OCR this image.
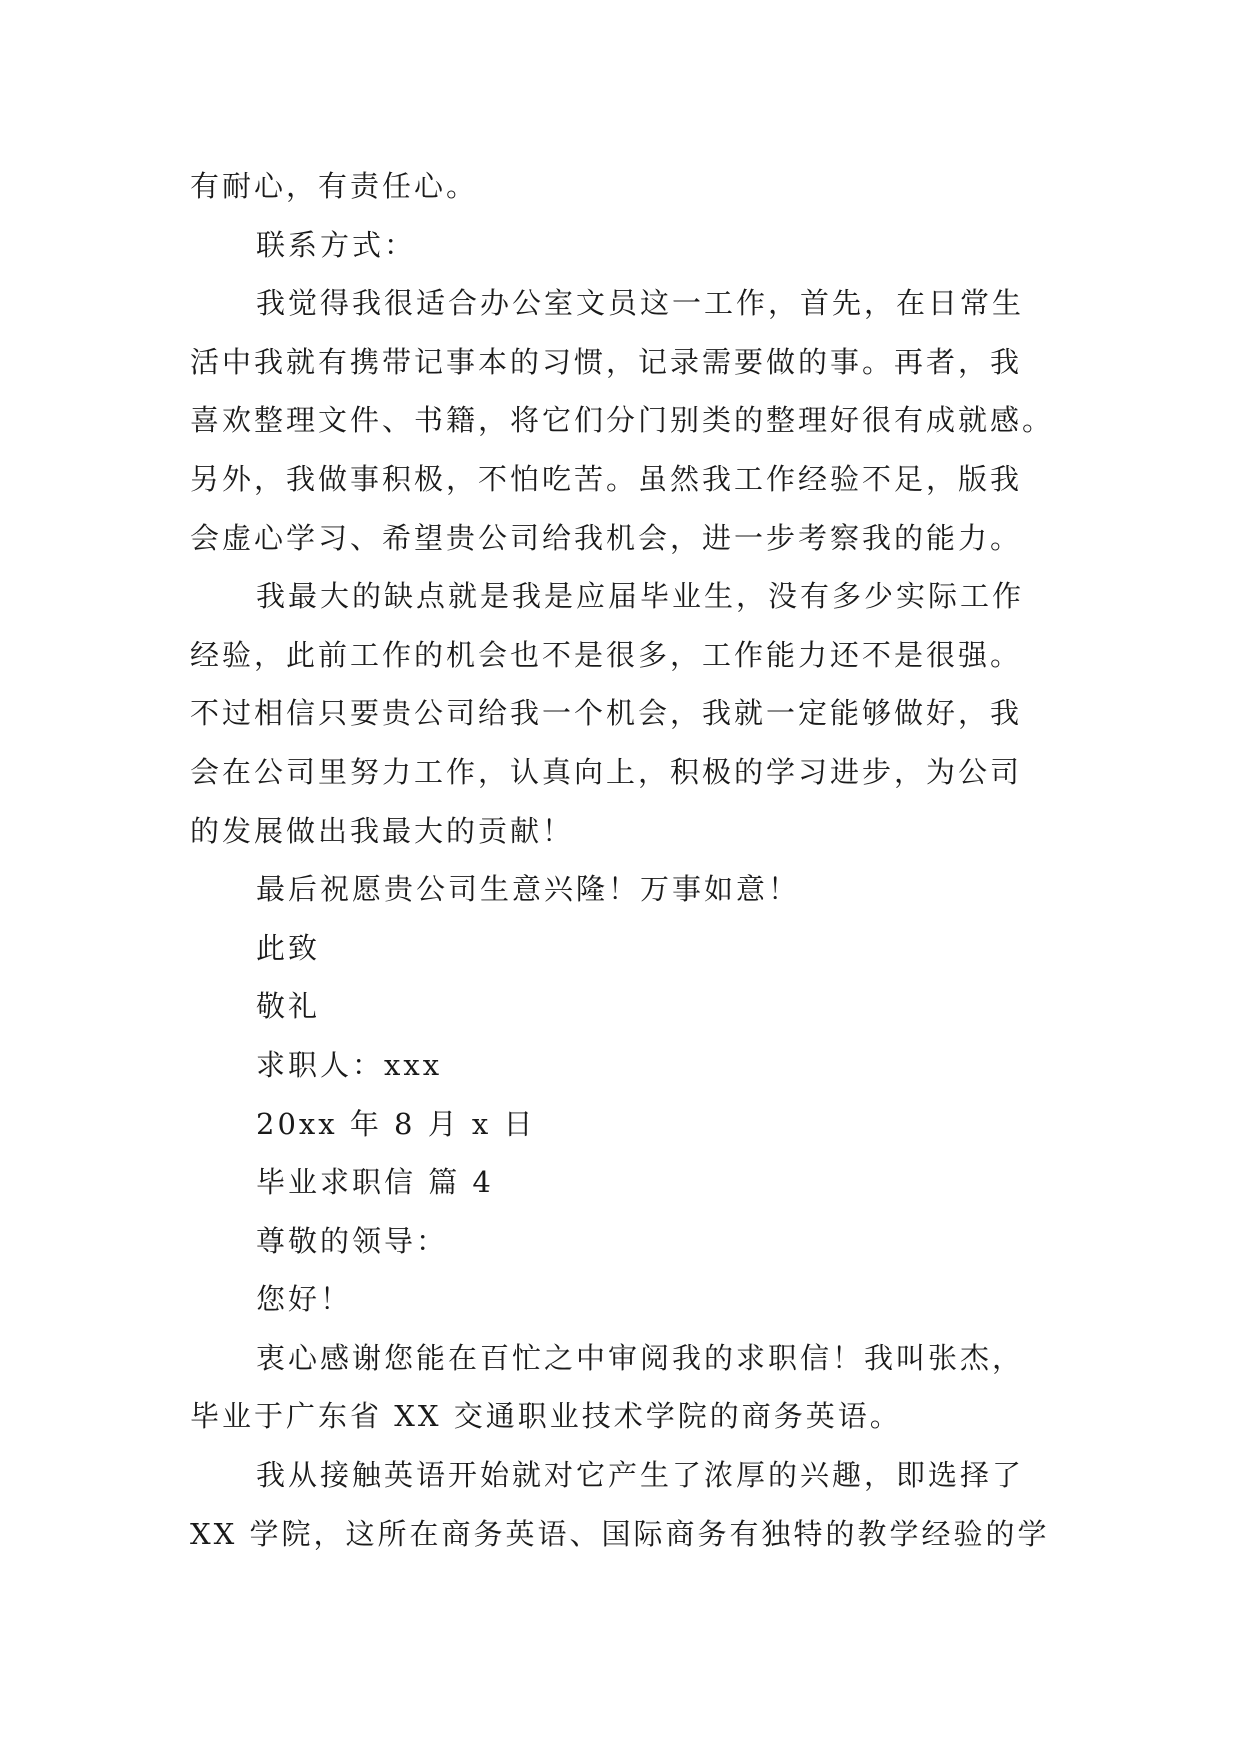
有耐心，有责任心。
联系方式：
我觉得我很适合办公室文员这一工作，首先，在日常生
活中我就有携带记事本的习惯，记录需要做的事。再者，我
喜欢整理文件、书籍，将它们分门别类的整理好很有成就感。
另外，我做事积极，不怕吃苦。虽然我工作经验不足，版我
会虚心学习、希望贵公司给我机会，进一步考察我的能力。
我最大的缺点就是我是应届毕业生，没有多少实际工作
经验，此前工作的机会也不是很多，工作能力还不是很强。
不过相信只要贵公司给我一个机会，我就一定能够做好，我
会在公司里努力工作，认真向上，积极的学习进步，为公司
的发展做出我最大的贡献！
最后祝愿贵公司生意兴隆！万事如意！
此致
敬礼
求职人：xxx
20xx 年 8 月 x 日
毕业求职信 篇 4
尊敬的领导：
您好！
衷心感谢您能在百忙之中审阅我的求职信！我叫张杰，
毕业于广东省 XX 交通职业技术学院的商务英语。
我从接触英语开始就对它产生了浓厚的兴趣，即选择了
XX 学院，这所在商务英语、国际商务有独特的教学经验的学
